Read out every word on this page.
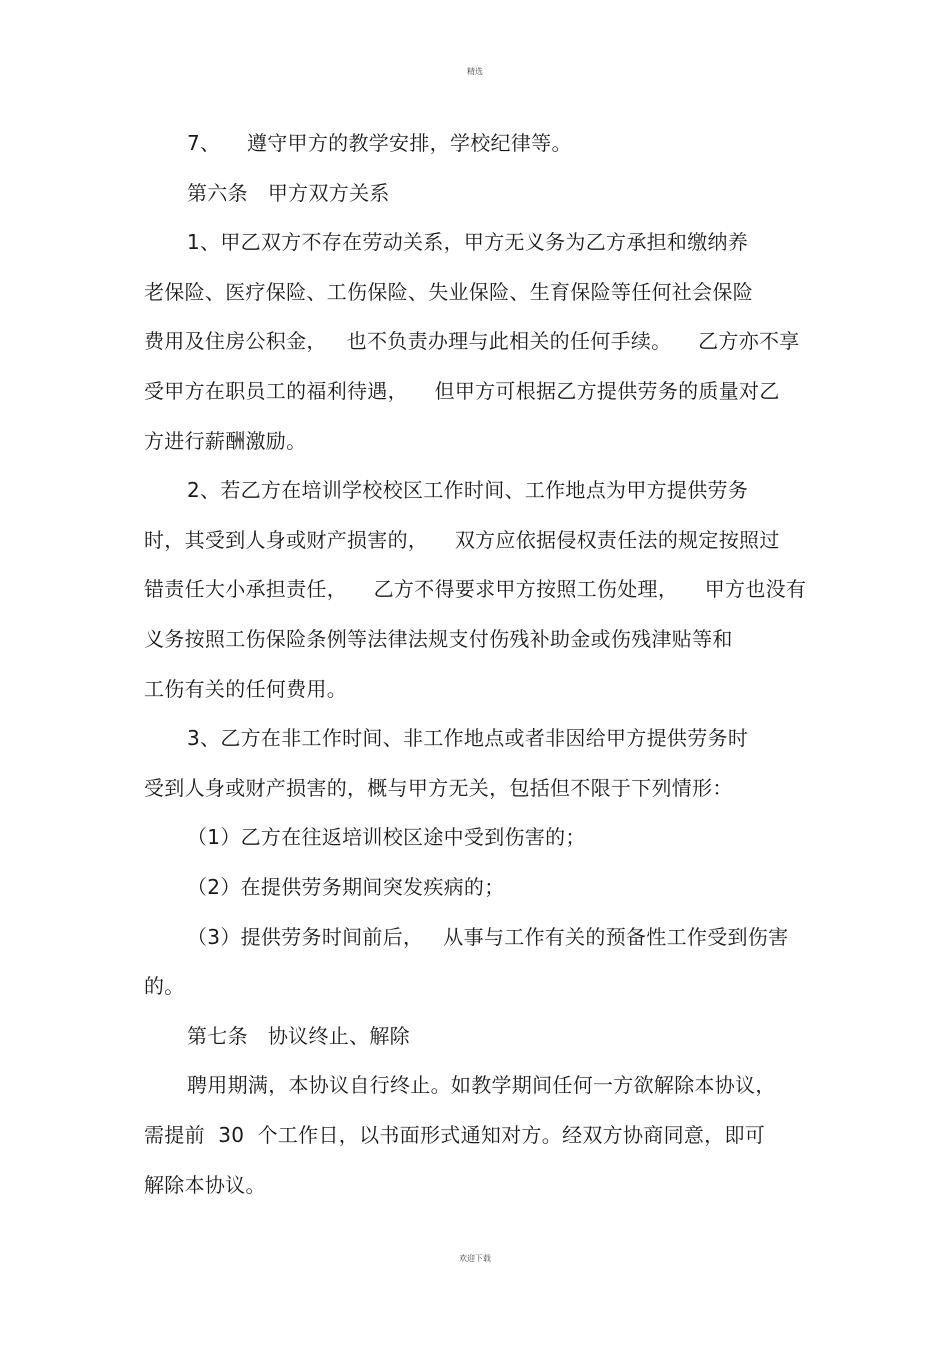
精选
7、    遵守甲方的教学安排，学校纪律等。
第六条   甲方双方关系
1、甲乙双方不存在劳动关系，甲方无义务为乙方承担和缴纳养
老保险、医疗保险、工伤保险、失业保险、生育保险等任何社会保险
费用及住房公积金，   也不负责办理与此相关的任何手续。    乙方亦不享
受甲方在职员工的福利待遇，    但甲方可根据乙方提供劳务的质量对乙
方进行薪酬激励。
2、若乙方在培训学校校区工作时间、工作地点为甲方提供劳务
时，其受到人身或财产损害的，    双方应依据侵权责任法的规定按照过
错责任大小承担责任，    乙方不得要求甲方按照工伤处理，    甲方也没有
义务按照工伤保险条例等法律法规支付伤残补助金或伤残津贴等和
工伤有关的任何费用。
3、乙方在非工作时间、非工作地点或者非因给甲方提供劳务时
受到人身或财产损害的，概与甲方无关，包括但不限于下列情形：
（1）乙方在往返培训校区途中受到伤害的；
（2）在提供劳务期间突发疾病的；
（3）提供劳务时间前后，   从事与工作有关的预备性工作受到伤害
的。
第七条   协议终止、解除
聘用期满，本协议自行终止。如教学期间任何一方欲解除本协议，
需提前  30  个工作日，以书面形式通知对方。经双方协商同意，即可
解除本协议。
欢迎下载
